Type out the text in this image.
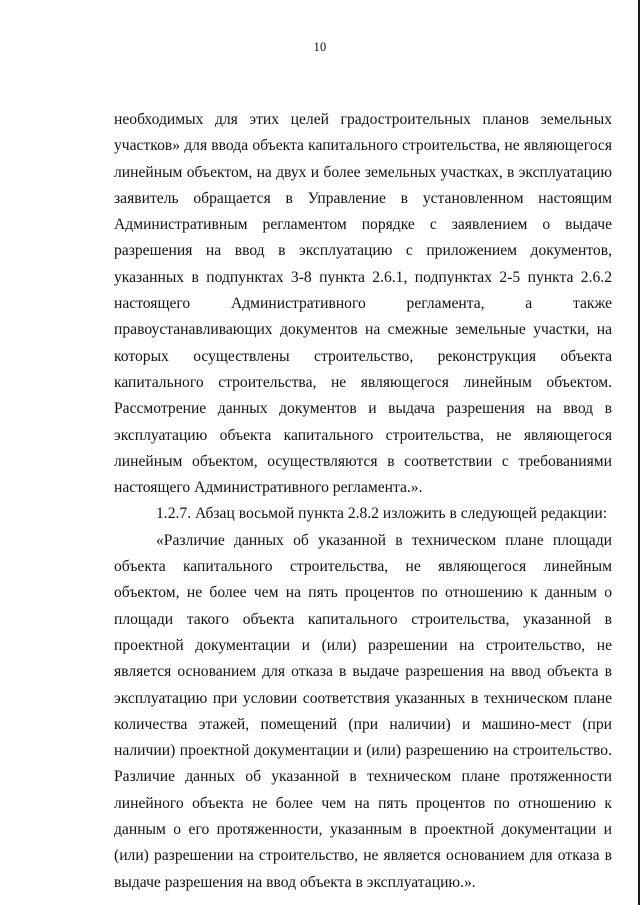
10

необходимых для этих целей градостроительных планов земельных участков» для ввода объекта капитального строительства, не являющегося линейным объектом, на двух и более земельных участках, в эксплуатацию заявитель обращается в Управление в установленном настоящим Административным регламентом порядке с заявлением о выдаче разрешения на ввод в эксплуатацию с приложением документов, указанных в подпунктах 3-8 пункта 2.6.1, подпунктах 2-5 пункта 2.6.2 настоящего Административного регламента, а также правоустанавливающих документов на смежные земельные участки, на которых осуществлены строительство, реконструкция объекта капитального строительства, не являющегося линейным объектом. Рассмотрение данных документов и выдача разрешения на ввод в эксплуатацию объекта капитального строительства, не являющегося линейным объектом, осуществляются в соответствии с требованиями настоящего Административного регламента.».

1.2.7. Абзац восьмой пункта 2.8.2 изложить в следующей редакции:

«Различие данных об указанной в техническом плане площади объекта капитального строительства, не являющегося линейным объектом, не более чем на пять процентов по отношению к данным о площади такого объекта капитального строительства, указанной в проектной документации и (или) разрешении на строительство, не является основанием для отказа в выдаче разрешения на ввод объекта в эксплуатацию при условии соответствия указанных в техническом плане количества этажей, помещений (при наличии) и машино-мест (при наличии) проектной документации и (или) разрешению на строительство. Различие данных об указанной в техническом плане протяженности линейного объекта не более чем на пять процентов по отношению к данным о его протяженности, указанным в проектной документации и (или) разрешении на строительство, не является основанием для отказа в выдаче разрешения на ввод объекта в эксплуатацию.».
